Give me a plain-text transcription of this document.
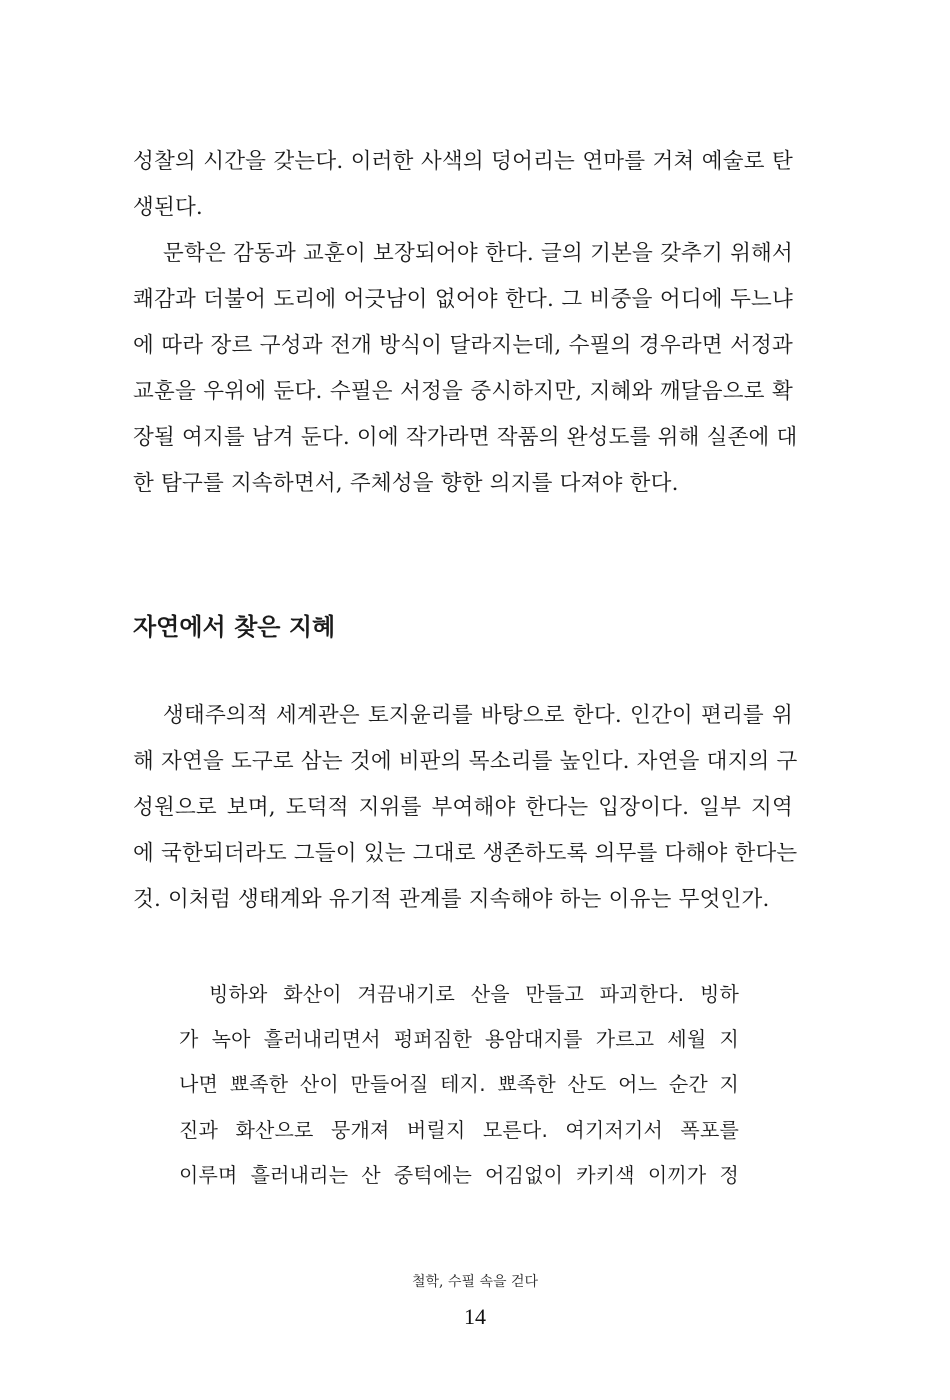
성찰의 시간을 갖는다. 이러한 사색의 덩어리는 연마를 거쳐 예술로 탄
생된다.
문학은 감동과 교훈이 보장되어야 한다. 글의 기본을 갖추기 위해서
쾌감과 더불어 도리에 어긋남이 없어야 한다. 그 비중을 어디에 두느냐
에 따라 장르 구성과 전개 방식이 달라지는데, 수필의 경우라면 서정과
교훈을 우위에 둔다. 수필은 서정을 중시하지만, 지혜와 깨달음으로 확
장될 여지를 남겨 둔다. 이에 작가라면 작품의 완성도를 위해 실존에 대
한 탐구를 지속하면서, 주체성을 향한 의지를 다져야 한다.
자연에서 찾은 지혜
생태주의적 세계관은 토지윤리를 바탕으로 한다. 인간이 편리를 위
해 자연을 도구로 삼는 것에 비판의 목소리를 높인다. 자연을 대지의 구
성원으로 보며, 도덕적 지위를 부여해야 한다는 입장이다. 일부 지역
에 국한되더라도 그들이 있는 그대로 생존하도록 의무를 다해야 한다는
것. 이처럼 생태계와 유기적 관계를 지속해야 하는 이유는 무엇인가.
빙하와 화산이 겨끔내기로 산을 만들고 파괴한다. 빙하
가 녹아 흘러내리면서 펑퍼짐한 용암대지를 가르고 세월 지
나면 뾰족한 산이 만들어질 테지. 뾰족한 산도 어느 순간 지
진과 화산으로 뭉개져 버릴지 모른다. 여기저기서 폭포를
이루며 흘러내리는 산 중턱에는 어김없이 카키색 이끼가 정
철학, 수필 속을 걷다
14
